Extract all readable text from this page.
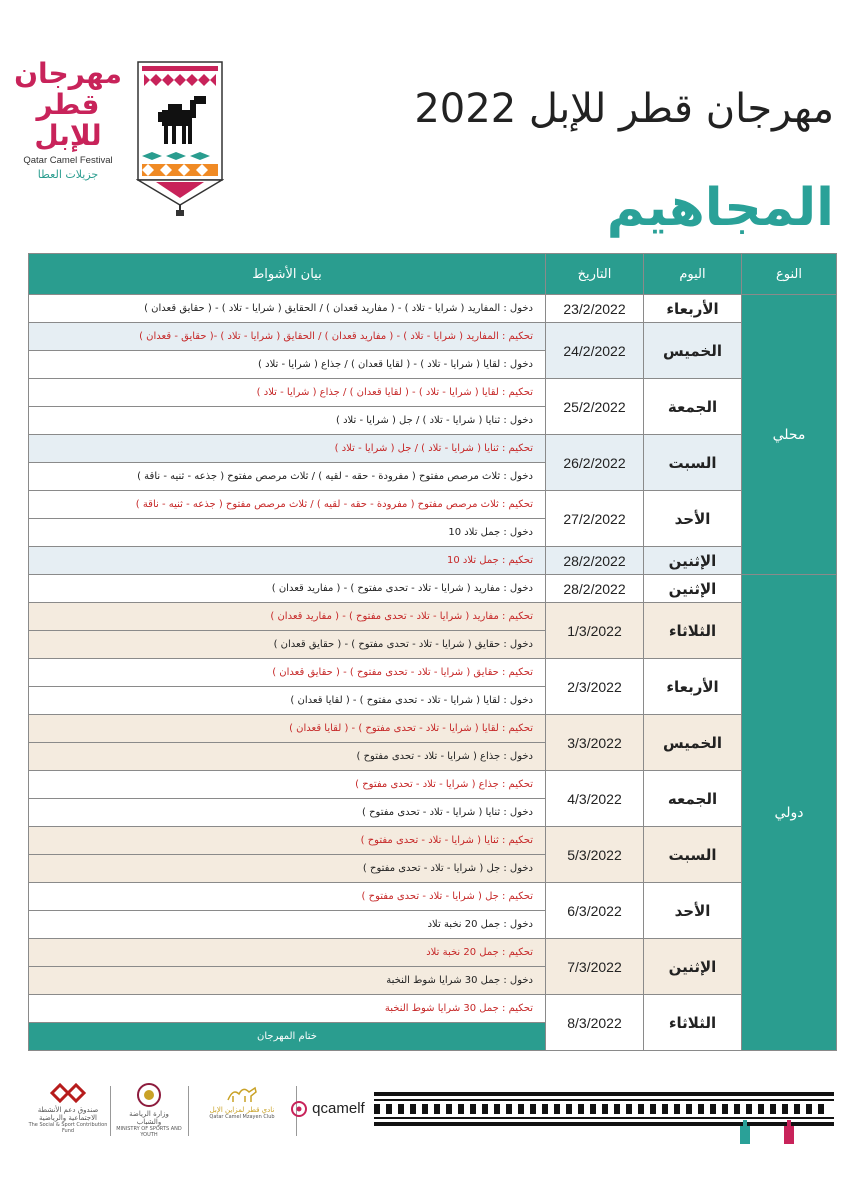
مهرجان
قطر
للإبل
Qatar Camel Festival
جزيلات العطا
مهرجان قطر للإبل 2022
المجاهيم
النوع	اليوم	التاريخ	بيان الأشواط
محلي	الأربعاء	23/2/2022	دخول : المفاريد ( شرايا - تلاد ) - ( مفاريد قعدان ) / الحقايق ( شرايا - تلاد ) - ( حقايق قعدان )
	الخميس	24/2/2022	تحكيم : المفاريد ( شرايا - تلاد ) - ( مفاريد قعدان ) / الحقايق ( شرايا - تلاد ) -( حقايق - قعدان )
			دخول : لقايا ( شرايا - تلاد ) - ( لقايا قعدان ) / جذاع ( شرايا - تلاد )
	الجمعة	25/2/2022	تحكيم : لقايا ( شرايا - تلاد ) - ( لقايا قعدان ) / جذاع ( شرايا - تلاد )
			دخول : ثنايا ( شرايا - تلاد ) / جل ( شرايا - تلاد )
	السبت	26/2/2022	تحكيم : ثنايا ( شرايا - تلاد ) / جل ( شرايا - تلاد )
			دخول : ثلاث مرصص مفتوح ( مفرودة - حقه - لقيه ) / ثلاث مرصص مفتوح ( جذعه - ثنيه - ناقة )
	الأحد	27/2/2022	تحكيم : ثلاث مرصص مفتوح ( مفرودة - حقه - لقيه ) / ثلاث مرصص مفتوح ( جذعه - ثنيه - ناقة )
			دخول : جمل تلاد 10
	الإثنين	28/2/2022	تحكيم : جمل تلاد 10
دولي	الإثنين	28/2/2022	دخول : مفاريد ( شرايا - تلاد - تحدى مفتوح ) - ( مفاريد قعدان )
	الثلاثاء	1/3/2022	تحكيم : مفاريد ( شرايا - تلاد - تحدى مفتوح ) - ( مفاريد قعدان )
			دخول : حقايق ( شرايا - تلاد - تحدى مفتوح ) - ( حقايق قعدان )
	الأربعاء	2/3/2022	تحكيم : حقايق ( شرايا - تلاد - تحدى مفتوح ) - ( حقايق قعدان )
			دخول : لقايا ( شرايا - تلاد - تحدى مفتوح ) - ( لقايا قعدان )
	الخميس	3/3/2022	تحكيم : لقايا ( شرايا - تلاد - تحدى مفتوح ) - ( لقايا قعدان )
			دخول : جذاع ( شرايا - تلاد - تحدى مفتوح )
	الجمعه	4/3/2022	تحكيم : جذاع ( شرايا - تلاد - تحدى مفتوح )
			دخول : ثنايا ( شرايا - تلاد - تحدى مفتوح )
	السبت	5/3/2022	تحكيم : ثنايا ( شرايا - تلاد - تحدى مفتوح )
			دخول : جل ( شرايا - تلاد - تحدى مفتوح )
	الأحد	6/3/2022	تحكيم : جل ( شرايا - تلاد - تحدى مفتوح )
			دخول : جمل 20 نخبة تلاد
	الإثنين	7/3/2022	تحكيم : جمل 20 نخبة تلاد
			دخول : جمل 30 شرايا شوط النخبة
	الثلاثاء	8/3/2022	تحكيم : جمل 30 شرايا شوط النخبة
			ختام المهرجان
صندوق دعم الأنشطة الاجتماعية والرياضية
The Social & Sport Contribution Fund
وزارة الرياضة والشباب
MINISTRY OF SPORTS AND YOUTH
نادي قطر لمزاين الإبل
Qatar Camel Mzayen Club	qcamelf
